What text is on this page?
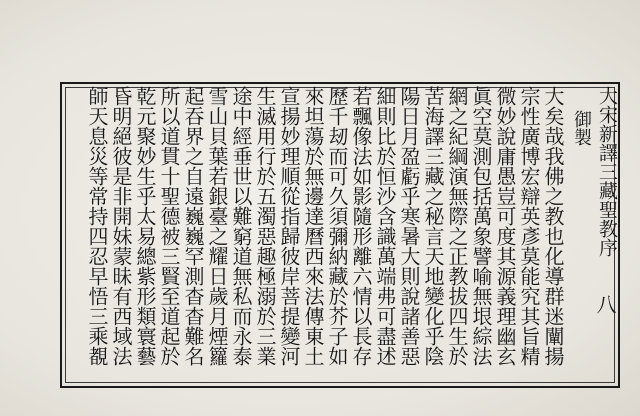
大宋新譯三藏聖教序
御製
大矣哉我佛之教也化導群迷闡揚
宗性廣博宏辯英彥莫能究其旨精
微妙說庸愚豈可度其源義理幽玄
眞空莫測包括萬象譬喻無垠綜法
網之紀綱演無際之正教拔四生於
苦海譯三藏之秘言天地變化乎陰
陽日月盈虧乎寒暑大則說諸善惡
細則比於恒沙含識萬端弗可盡述
若飄像法如影隨形離六情以長存
歷千刼而可久須彌納藏於芥子如
來坦蕩於無邊達曆西來法傳東土
宣揚妙理順從指歸彼岸菩提變河
生滅用行於五濁惡趣極溺於三業
途中經垂世以難窮道無私而永泰
雪山貝葉若銀臺之耀日歲月煙籮
起吞界之自遠巍巍罕測杳杳難名
所以道貫十聖德被三賢至道起於
乾元聚妙生乎太易總紫形類寰藝
昏明絕彼是非開妹蒙昧有西域法
師天息災等常持四忍早悟三乘覩	八
